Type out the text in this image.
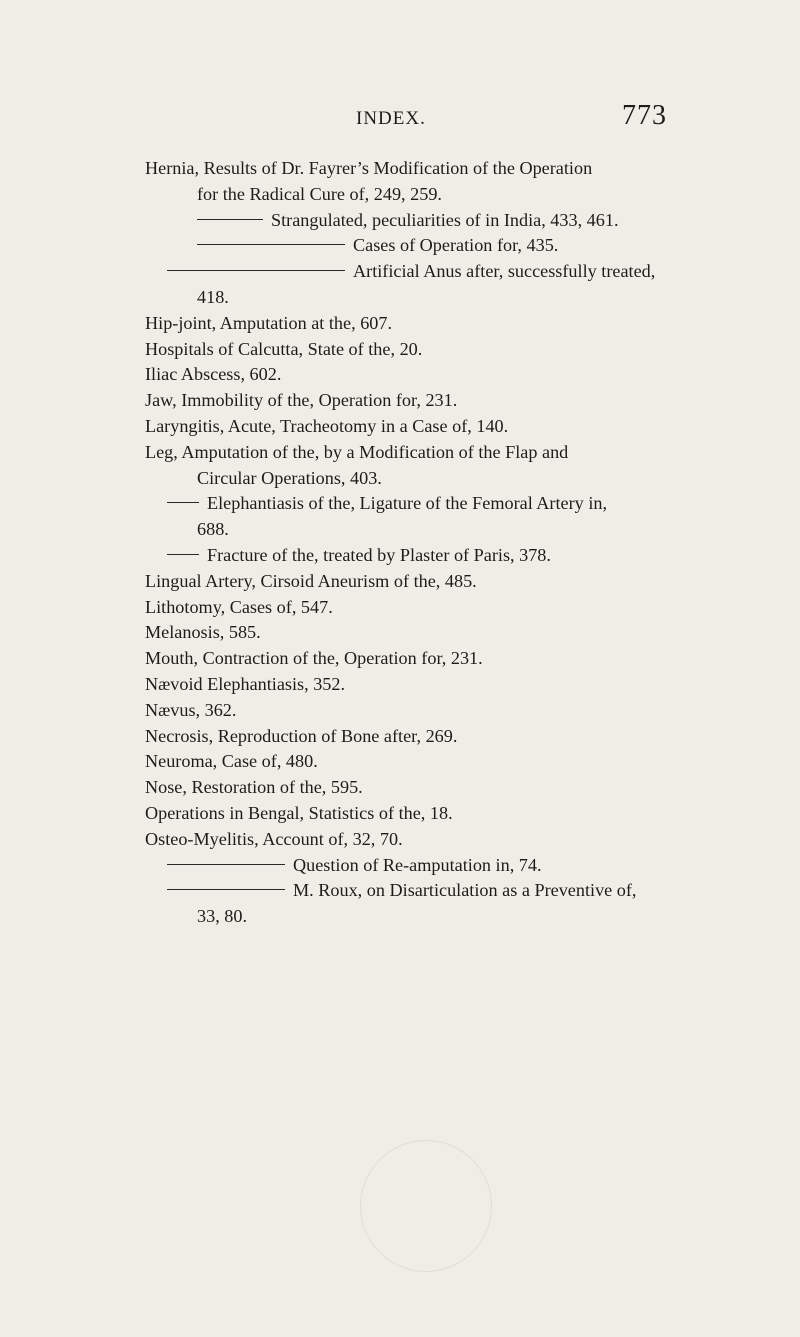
INDEX.	773
Hernia, Results of Dr. Fayrer’s Modification of the Operation
for the Radical Cure of, 249, 259.
Strangulated, peculiarities of in India, 433, 461.
Cases of Operation for, 435.
Artificial Anus after, successfully treated,
418.
Hip-joint, Amputation at the, 607.
Hospitals of Calcutta, State of the, 20.
Iliac Abscess, 602.
Jaw, Immobility of the, Operation for, 231.
Laryngitis, Acute, Tracheotomy in a Case of, 140.
Leg, Amputation of the, by a Modification of the Flap and
Circular Operations, 403.
Elephantiasis of the, Ligature of the Femoral Artery in,
688.
Fracture of the, treated by Plaster of Paris, 378.
Lingual Artery, Cirsoid Aneurism of the, 485.
Lithotomy, Cases of, 547.
Melanosis, 585.
Mouth, Contraction of the, Operation for, 231.
Nævoid Elephantiasis, 352.
Nævus, 362.
Necrosis, Reproduction of Bone after, 269.
Neuroma, Case of, 480.
Nose, Restoration of the, 595.
Operations in Bengal, Statistics of the, 18.
Osteo-Myelitis, Account of, 32, 70.
Question of Re-amputation in, 74.
M. Roux, on Disarticulation as a Preventive of,
33, 80.
